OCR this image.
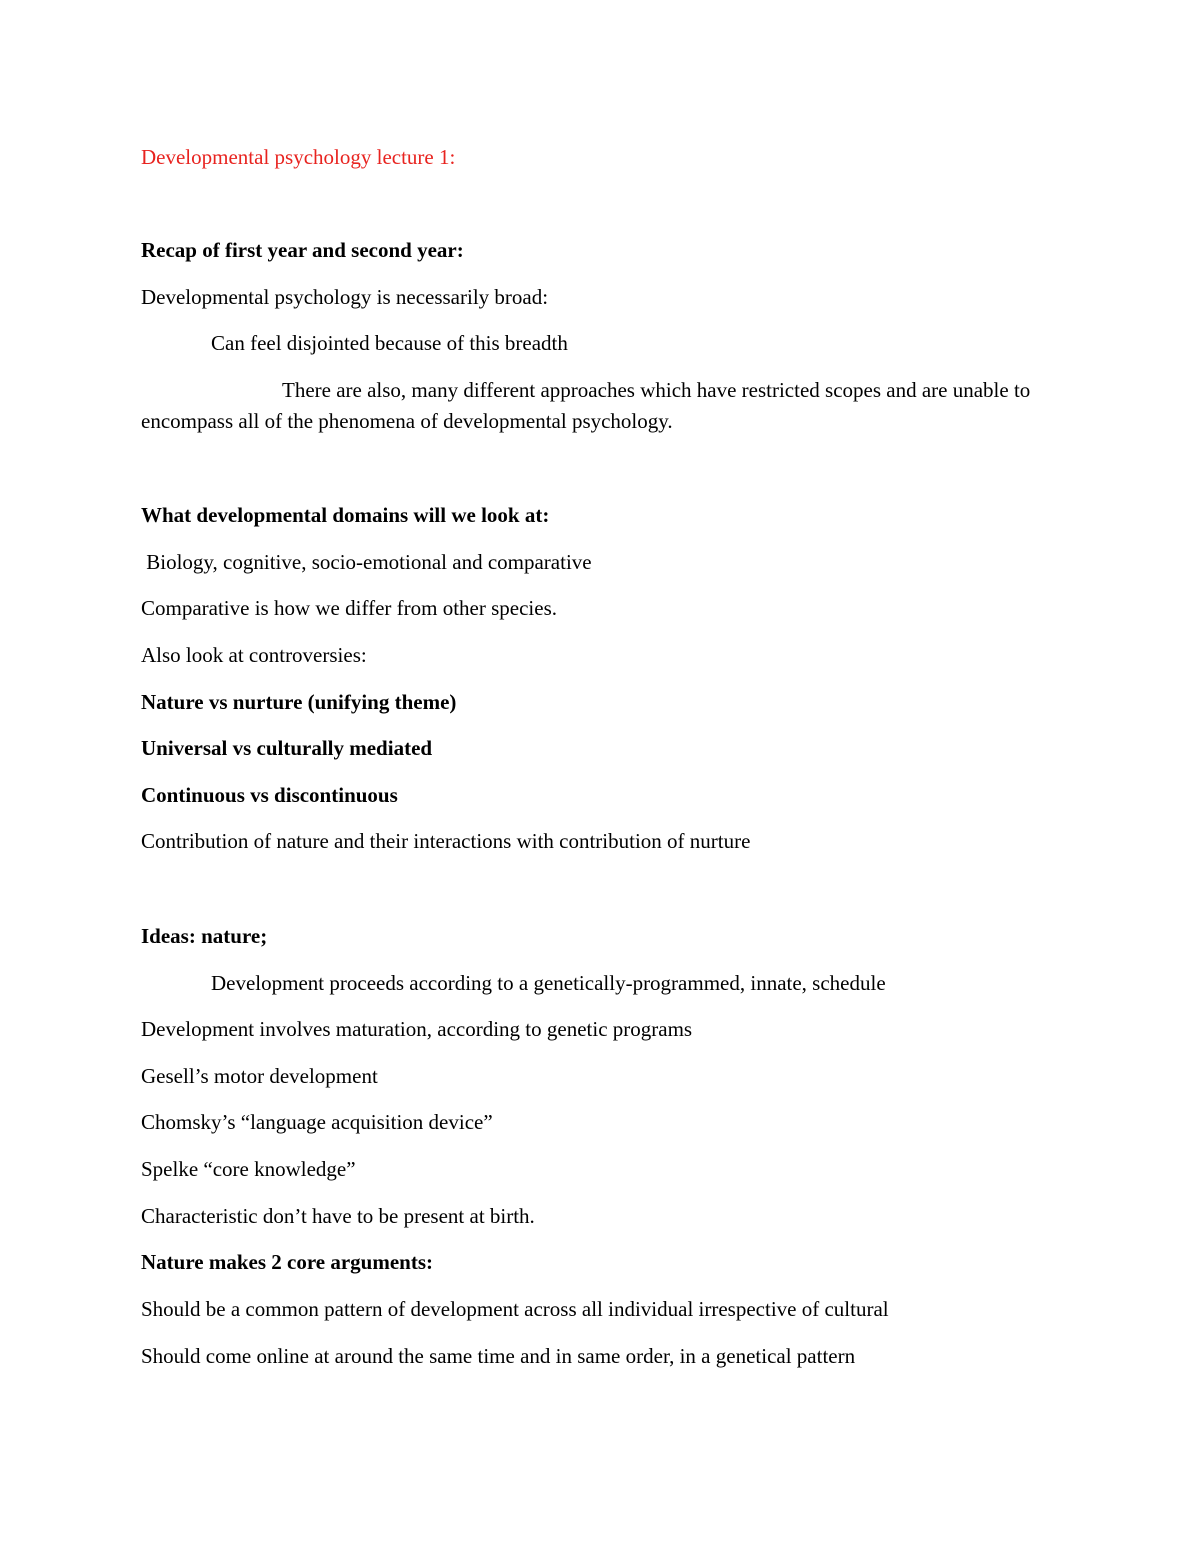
Developmental psychology lecture 1:

Recap of first year and second year:

Developmental psychology is necessarily broad:

Can feel disjointed because of this breadth

There are also, many different approaches which have restricted scopes and are unable to encompass all of the phenomena of developmental psychology.

What developmental domains will we look at:

Biology, cognitive, socio-emotional and comparative

Comparative is how we differ from other species.

Also look at controversies:

Nature vs nurture (unifying theme)

Universal vs culturally mediated

Continuous vs discontinuous

Contribution of nature and their interactions with contribution of nurture

Ideas: nature;

Development proceeds according to a genetically-programmed, innate, schedule

Development involves maturation, according to genetic programs

Gesell’s motor development

Chomsky’s “language acquisition device”

Spelke “core knowledge”

Characteristic don’t have to be present at birth.

Nature makes 2 core arguments:

Should be a common pattern of development across all individual irrespective of cultural

Should come online at around the same time and in same order, in a genetical pattern
